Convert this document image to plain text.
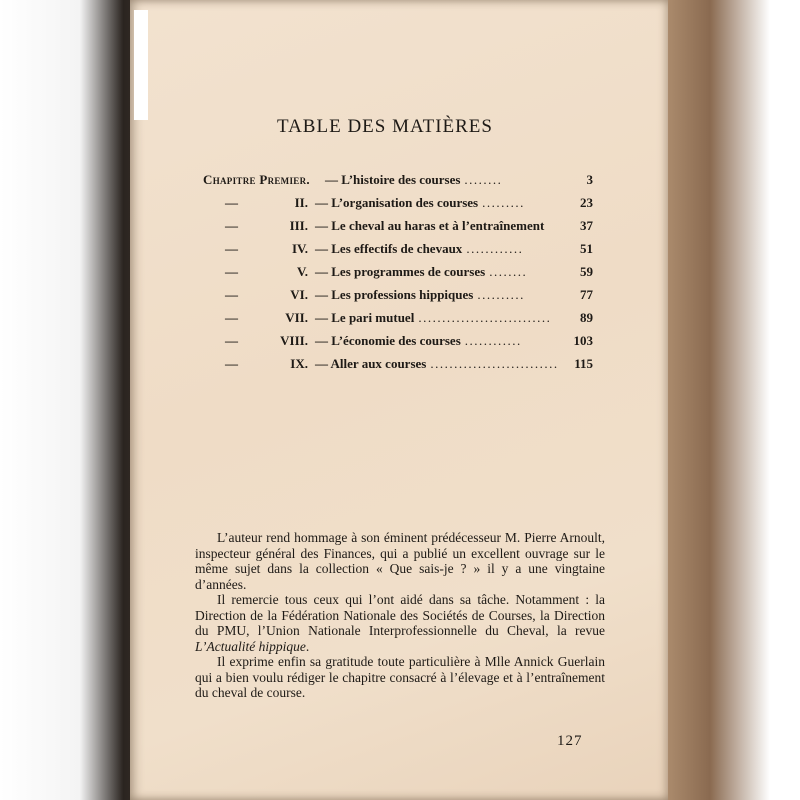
TABLE DES MATIÈRES
Chapitre Premier. — L’histoire des courses ........	3
—	II. — L’organisation des courses .........	23
—	III. — Le cheval au haras et à l’entraînement	37
—	IV. — Les effectifs de chevaux ............	51
—	V. — Les programmes de courses ........	59
—	VI. — Les professions hippiques ..........	77
—	VII. — Le pari mutuel ............................	89
—	VIII. — L’économie des courses ............	103
—	IX. — Aller aux courses ...........................	115

L’auteur rend hommage à son éminent prédécesseur M. Pierre Arnoult, inspecteur général des Finances, qui a publié un excellent ouvrage sur le même sujet dans la collection « Que sais-je ? » il y a une vingtaine d’années.

Il remercie tous ceux qui l’ont aidé dans sa tâche. Notamment : la Direction de la Fédération Nationale des Sociétés de Courses, la Direction du PMU, l’Union Nationale Interprofessionnelle du Cheval, la revue L’Actualité hippique.

Il exprime enfin sa gratitude toute particulière à Mlle Annick Guerlain qui a bien voulu rédiger le chapitre consacré à l’élevage et à l’entraînement du cheval de course.

127
